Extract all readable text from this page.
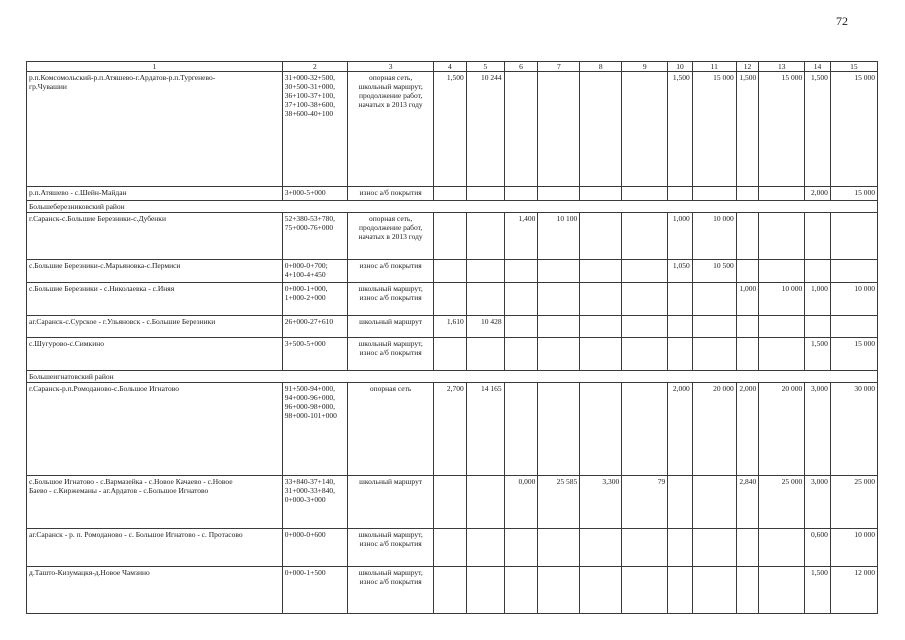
72
1	2	3	4	5	6	7	8	9	10	11	12	13	14	15
р.п.Комсомольский-р.п.Атяшево-г.Ардатов-р.п.Тургенево-
гр.Чувашии	31+000-32+500,
30+500-31+000,
36+100-37+100,
37+100-38+600,
38+600-40+100	опорная сеть,
школьный маршрут,
продолжение работ,
начатых в 2013 году	1,500	10 244					1,500	15 000	1,500	15 000	1,500	15 000
р.п.Атяшево - с.Шейн-Майдан	3+000-5+000	износ а/б покрытия											2,000	15 000
Большеберезниковский район														
г.Саранск-с.Большие Березники-с.Дубенки	52+380-53+780,
75+000-76+000	опорная сеть,
продолжение работ,
начатых в 2013 году			1,400	10 100			1,000	10 000				
с.Большие Березники-с.Марьяновка-с.Пермиси	0+000-0+700;
4+100-4+450	износ а/б покрытия							1,050	10 500				
с.Большие Березники - с.Николаевка - с.Иняя	0+000-1+000,
1+000-2+000	школьный маршрут,
износ а/б покрытия									1,000	10 000	1,000	10 000
аг.Саранск-с.Сурское - г.Ульяновск - с.Большие Березники	26+000-27+610	школьный маршрут	1,610	10 428										
с.Шугурово-с.Симкино	3+500-5+000	школьный маршрут,
износ а/б покрытия											1,500	15 000
Большеигнатовский район														
г.Саранск-р.п.Ромоданово-с.Большое Игнатово	91+500-94+000,
94+000-96+000,
96+000-98+000,
98+000-101+000	опорная сеть	2,700	14 165					2,000	20 000	2,000	20 000	3,000	30 000
с.Большое Игнатово - с.Вармазейка - с.Новое Качаево - с.Новое
Баево - с.Киржеманы - аг.Ардатов - с.Большое Игнатово	33+840-37+140,
31+000-33+840,
0+000-3+000	школьный маршрут			0,000	25 585	3,300	79			2,840	25 000	3,000	25 000
аг.Саранск - р. п. Ромоданово - с. Большое Игнатово - с. Протасово	0+000-0+600	школьный маршрут,
износ а/б покрытия											0,600	10 000
д.Ташто-Кизумацкя-д.Новое Чамзино	0+000-1+500	школьный маршрут,
износ а/б покрытия											1,500	12 000
